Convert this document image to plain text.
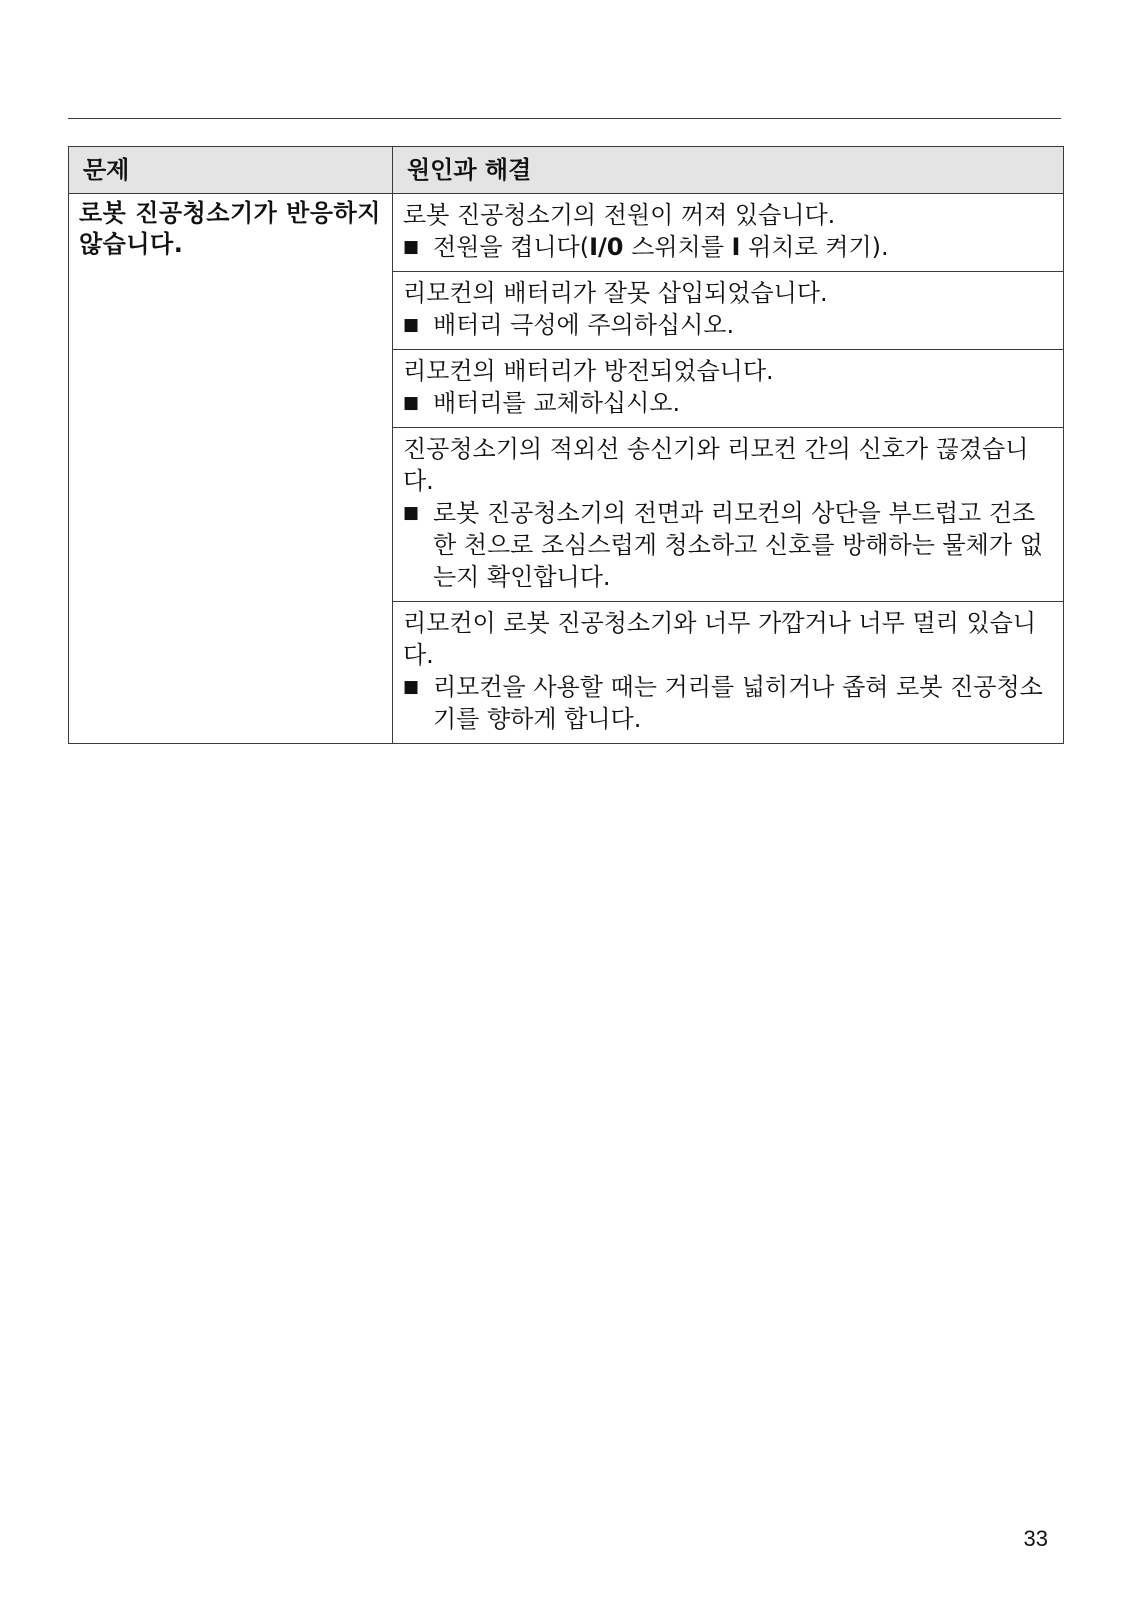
문제	원인과 해결
로봇 진공청소기가 반응하지 않습니다.	로봇 진공청소기의 전원이 꺼져 있습니다.
■ 전원을 켭니다(I/0 스위치를 I 위치로 켜기).

	리모컨의 배터리가 잘못 삽입되었습니다.
■ 배터리 극성에 주의하십시오.

	리모컨의 배터리가 방전되었습니다.
■ 배터리를 교체하십시오.

	진공청소기의 적외선 송신기와 리모컨 간의 신호가 끊겼습니다.
■ 로봇 진공청소기의 전면과 리모컨의 상단을 부드럽고 건조한 천으로 조심스럽게 청소하고 신호를 방해하는 물체가 없는지 확인합니다.

	리모컨이 로봇 진공청소기와 너무 가깝거나 너무 멀리 있습니다.
■ 리모컨을 사용할 때는 거리를 넓히거나 좁혀 로봇 진공청소기를 향하게 합니다.
33
